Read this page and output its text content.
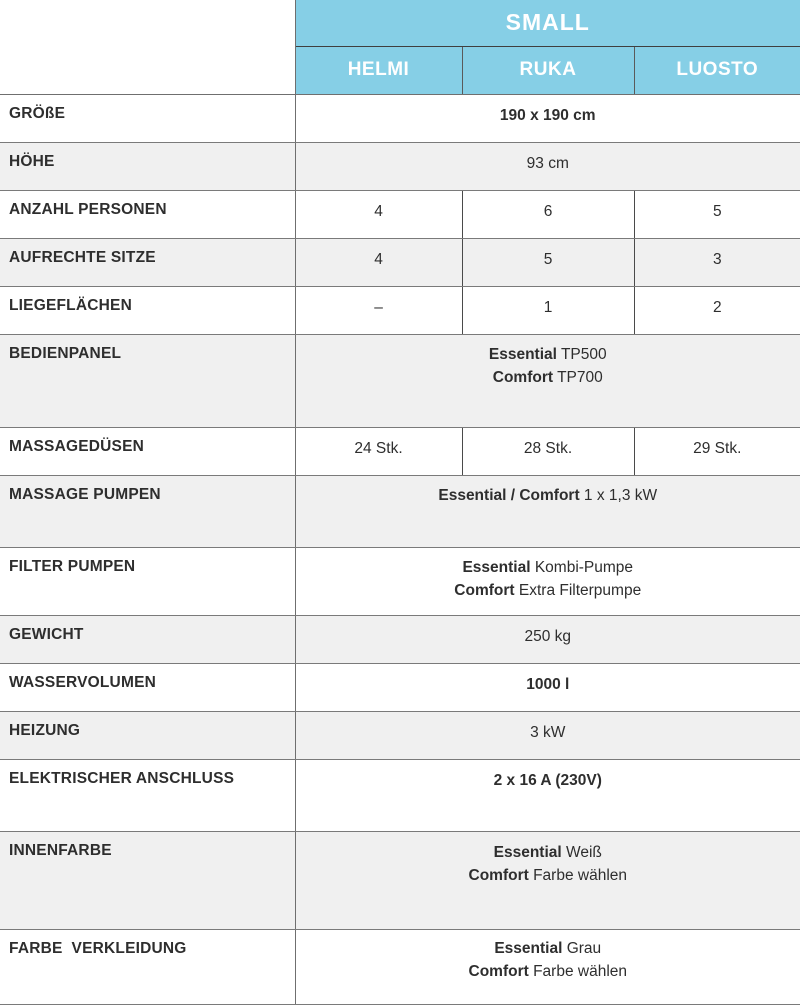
	SMALL		
	HELMI	RUKA	LUOSTO
GRÖßE	190 x 190 cm		
HÖHE	93 cm		
ANZAHL PERSONEN	4	6	5
AUFRECHTE SITZE	4	5	3
LIEGEFLÄCHEN	–	1	2
BEDIENPANEL	Essential TP500
Comfort TP700		

MASSAGEDÜSEN	24 Stk.	28 Stk.	29 Stk.
MASSAGE PUMPEN	Essential / Comfort 1 x 1,3 kW		

FILTER PUMPEN	Essential Kombi-Pumpe
Comfort Extra Filterpumpe		

GEWICHT	250 kg		
WASSERVOLUMEN	1000 l		
HEIZUNG	3 kW		
ELEKTRISCHER ANSCHLUSS	2 x 16 A (230V)		
INNENFARBE	Essential Weiß
Comfort Farbe wählen		

FARBE  VERKLEIDUNG	Essential Grau
Comfort Farbe wählen		
